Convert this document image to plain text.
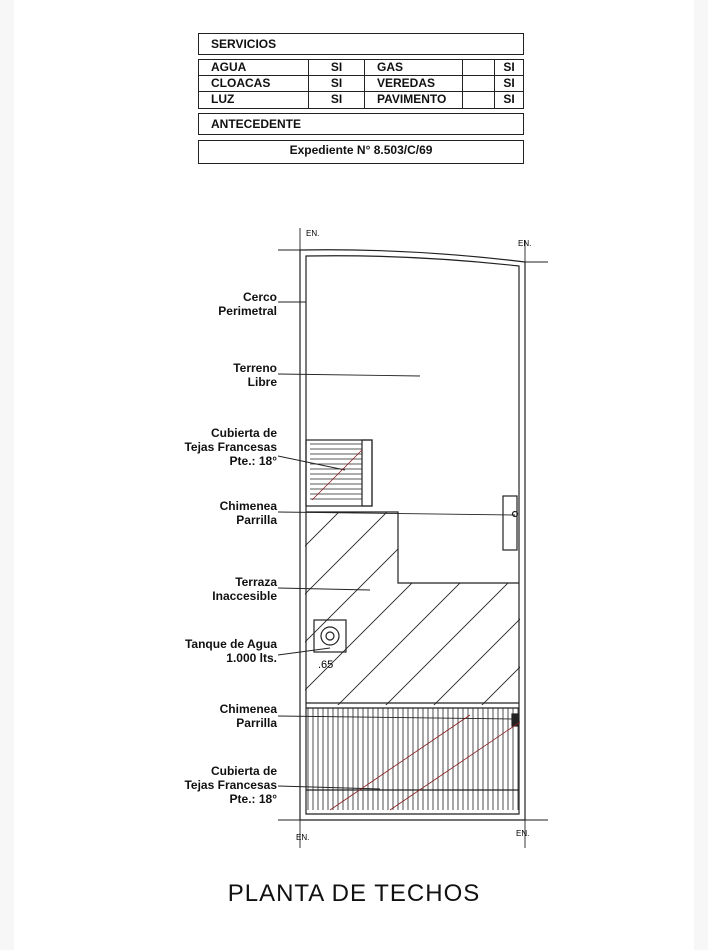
SERVICIOS
AGUA	SI	GAS	SI
CLOACAS	SI	VEREDAS	SI
LUZ	SI	PAVIMENTO	SI
ANTECEDENTE
Expediente N° 8.503/C/69
.65
EN.
EN.
EN.	EN.
Cerco
Perimetral
Terreno
Libre
Cubierta de
Tejas Francesas
Pte.: 18°
Chimenea
Parrilla
Terraza
Inaccesible
Tanque de Agua
1.000 lts.
Chimenea
Parrilla
Cubierta de
Tejas Francesas
Pte.: 18°
PLANTA DE TECHOS
